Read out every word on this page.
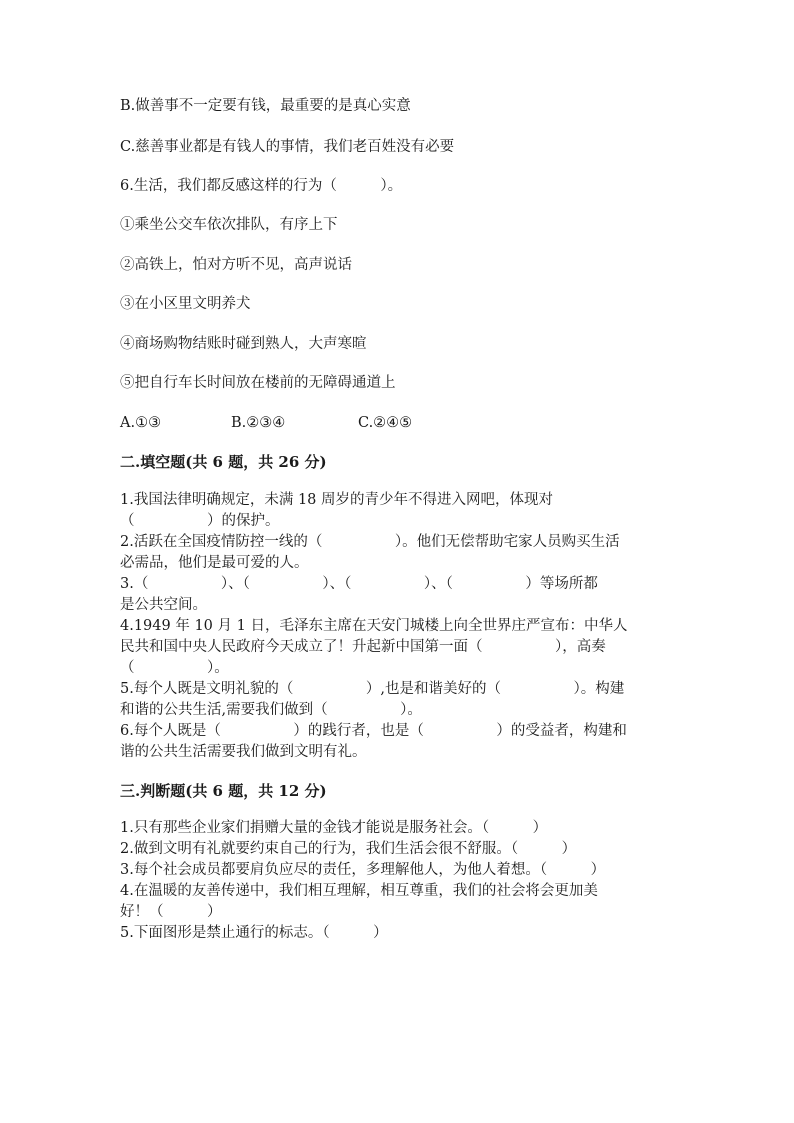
B.做善事不一定要有钱，最重要的是真心实意
C.慈善事业都是有钱人的事情，我们老百姓没有必要
6.生活，我们都反感这样的行为（　　　）。
①乘坐公交车依次排队，有序上下
②高铁上，怕对方听不见，高声说话
③在小区里文明养犬
④商场购物结账时碰到熟人，大声寒暄
⑤把自行车长时间放在楼前的无障碍通道上

A.①③

	B.②③④

	C.②④⑤

二.填空题(共 6 题，共 26 分)
1.我国法律明确规定，未满 18 周岁的青少年不得进入网吧，体现对
（　　　　　）的保护。
2.活跃在全国疫情防控一线的（　　　　　）。他们无偿帮助宅家人员购买生活
必需品，他们是最可爱的人。
3.（　　　　　）、（　　　　　）、（　　　　　）、（　　　　　）等场所都
是公共空间。
4.1949 年 10 月 1 日，毛泽东主席在天安门城楼上向全世界庄严宣布：中华人
民共和国中央人民政府今天成立了！升起新中国第一面（　　　　　），高奏
（　　　　　）。
5.每个人既是文明礼貌的（　　　　　）,也是和谐美好的（　　　　　）。构建
和谐的公共生活,需要我们做到（　　　　　）。
6.每个人既是（　　　　　）的践行者，也是（　　　　　）的受益者，构建和
谐的公共生活需要我们做到文明有礼。
三.判断题(共 6 题，共 12 分)
1.只有那些企业家们捐赠大量的金钱才能说是服务社会。（　　　）
2.做到文明有礼就要约束自己的行为，我们生活会很不舒服。（　　　）
3.每个社会成员都要肩负应尽的责任，多理解他人，为他人着想。（　　　）
4.在温暖的友善传递中，我们相互理解，相互尊重，我们的社会将会更加美
好！（　　　）
5.下面图形是禁止通行的标志。（　　　）
